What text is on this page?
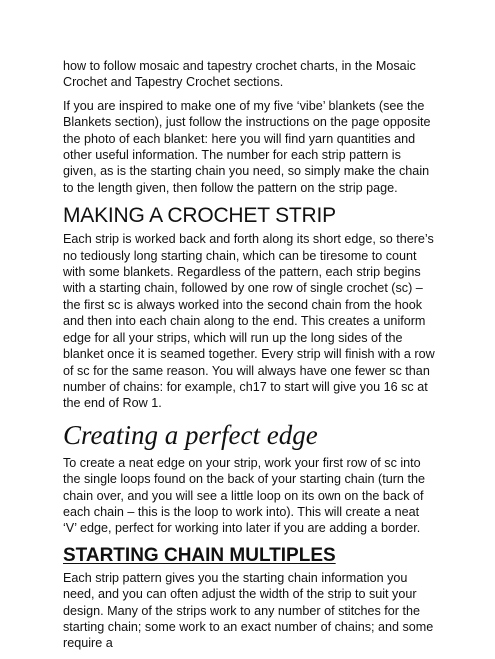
how to follow mosaic and tapestry crochet charts, in the Mosaic Crochet and Tapestry Crochet sections.

If you are inspired to make one of my five ‘vibe’ blankets (see the Blankets section), just follow the instructions on the page opposite the photo of each blanket: here you will find yarn quantities and other useful information. The number for each strip pattern is given, as is the starting chain you need, so simply make the chain to the length given, then follow the pattern on the strip page.

MAKING A CROCHET STRIP

Each strip is worked back and forth along its short edge, so there’s no tediously long starting chain, which can be tiresome to count with some blankets. Regardless of the pattern, each strip begins with a starting chain, followed by one row of single crochet (sc) – the first sc is always worked into the second chain from the hook and then into each chain along to the end. This creates a uniform edge for all your strips, which will run up the long sides of the blanket once it is seamed together. Every strip will finish with a row of sc for the same reason. You will always have one fewer sc than number of chains: for example, ch17 to start will give you 16 sc at the end of Row 1.

Creating a perfect edge

To create a neat edge on your strip, work your first row of sc into the single loops found on the back of your starting chain (turn the chain over, and you will see a little loop on its own on the back of each chain – this is the loop to work into). This will create a neat ‘V’ edge, perfect for working into later if you are adding a border.

STARTING CHAIN MULTIPLES

Each strip pattern gives you the starting chain information you need, and you can often adjust the width of the strip to suit your design. Many of the strips work to any number of stitches for the starting chain; some work to an exact number of chains; and some require a
